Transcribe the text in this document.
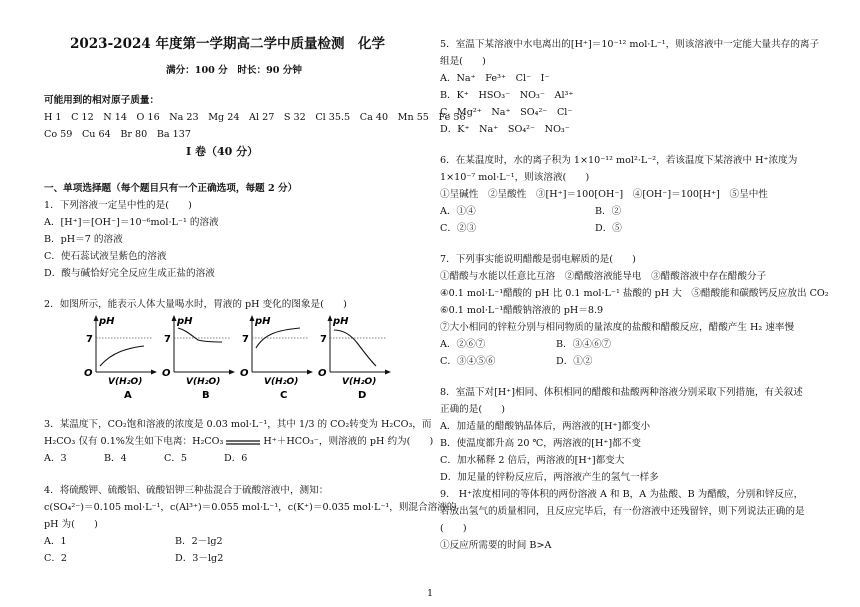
2023-2024 年度第一学期高二学中质量检测　化学
满分：100 分　时长：90 分钟
可能用到的相对原子质量：
H 1　C 12　N 14　O 16　Na 23　Mg 24　Al 27　S 32　Cl 35.5　Ca 40　Mn 55　Fe 56
Co 59　Cu 64　Br 80　Ba 137
I 卷（40 分）
一、单项选择题（每个题目只有一个正确选项，每题 2 分）
1．下列溶液一定呈中性的是(　　)
A．[H⁺]＝[OH⁻]＝10⁻⁶mol·L⁻¹ 的溶液
B．pH＝7 的溶液
C．使石蕊试液呈紫色的溶液
D．酸与碱恰好完全反应生成正盐的溶液
2．如图所示，能表示人体大量喝水时，胃液的 pH 变化的图象是(　　)
pH
7
O
V(H₂O)
A
pH
7
O
V(H₂O)
B
pH
7
O
V(H₂O)
C
pH
7
O
V(H₂O)
D
3．某温度下，CO₂饱和溶液的浓度是 0.03 mol·L⁻¹，其中 1/3 的 CO₂转变为 H₂CO₃，而
H₂CO₃ 仅有 0.1%发生如下电离：H₂CO₃	H⁺＋HCO₃⁻，则溶液的 pH 约为(　　)
A．3	B．4	C．5	D．6
4．将硫酸钾、硫酸铝、硫酸铝钾三种盐混合于硫酸溶液中，测知：
c(SO₄²⁻)＝0.105 mol·L⁻¹，c(Al³⁺)＝0.055 mol·L⁻¹，c(K⁺)＝0.035 mol·L⁻¹，则混合溶液的
pH 为(　　)
A．1	B．2－lg2
C．2	D．3－lg2
5．室温下某溶液中水电离出的[H⁺]＝10⁻¹² mol·L⁻¹，则该溶液中一定能大量共存的离子
组是(　　)
A．Na⁺　Fe³⁺　Cl⁻　I⁻
B．K⁺　HSO₃⁻　NO₃⁻　Al³⁺
C．Mg²⁺　Na⁺　SO₄²⁻　Cl⁻
D．K⁺　Na⁺　SO₄²⁻　NO₃⁻
6．在某温度时，水的离子积为 1×10⁻¹² mol²·L⁻²，若该温度下某溶液中 H⁺浓度为
1×10⁻⁷ mol·L⁻¹，则该溶液(　　)
①呈碱性　②呈酸性　③[H⁺]＝100[OH⁻]　④[OH⁻]＝100[H⁺]　⑤呈中性
A．①④	B．②
C．②③	D．⑤
7．下列事实能说明醋酸是弱电解质的是(　　)
①醋酸与水能以任意比互溶　②醋酸溶液能导电　③醋酸溶液中存在醋酸分子
④0.1 mol·L⁻¹醋酸的 pH 比 0.1 mol·L⁻¹ 盐酸的 pH 大　⑤醋酸能和碳酸钙反应放出 CO₂
⑥0.1 mol·L⁻¹醋酸钠溶液的 pH＝8.9
⑦大小相同的锌粒分别与相同物质的量浓度的盐酸和醋酸反应，醋酸产生 H₂ 速率慢
A．②⑥⑦	B．③④⑥⑦
C．③④⑤⑥	D．①②
8．室温下对[H⁺]相同、体积相同的醋酸和盐酸两种溶液分别采取下列措施，有关叙述
正确的是(　　)
A．加适量的醋酸钠晶体后，两溶液的[H⁺]都变小
B．使温度都升高 20 ℃，两溶液的[H⁺]都不变
C．加水稀释 2 倍后，两溶液的[H⁺]都变大
D．加足量的锌粉反应后，两溶液产生的氢气一样多
9． H⁺浓度相同的等体积的两份溶液 A 和 B，A 为盐酸、B 为醋酸，分别和锌反应，
若放出氢气的质量相同，且反应完毕后，有一份溶液中还残留锌，则下列说法正确的是
(　　)
①反应所需要的时间 B>A
1
